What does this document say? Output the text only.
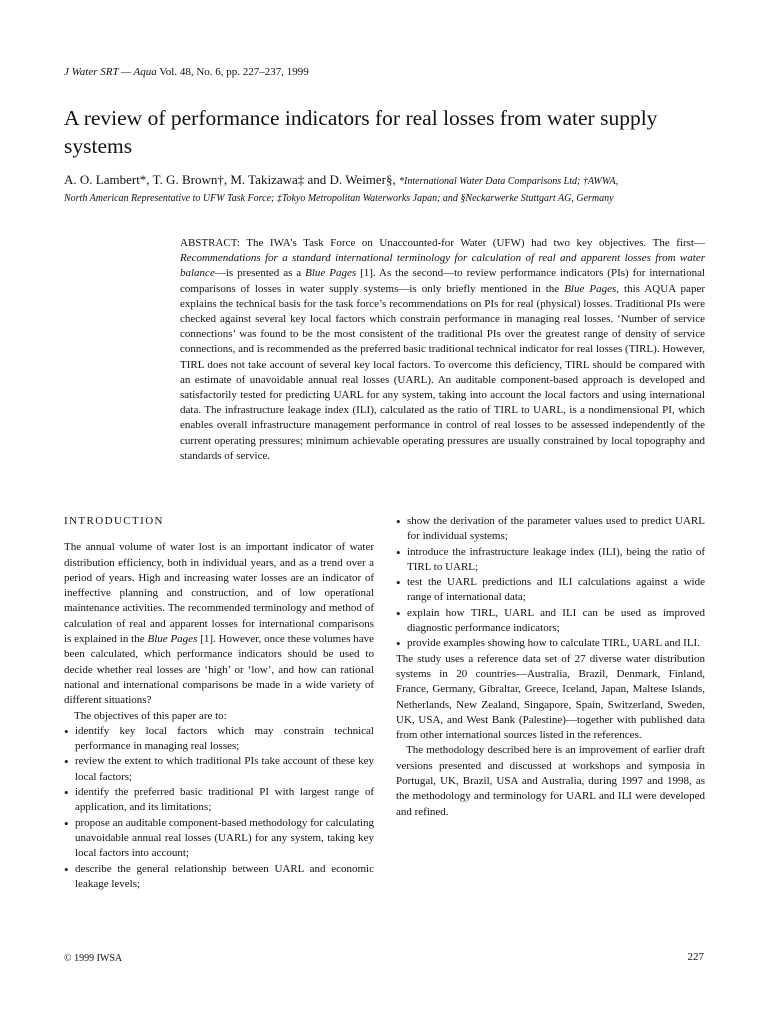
J Water SRT — Aqua Vol. 48, No. 6, pp. 227–237, 1999
A review of performance indicators for real losses from water supply systems
A. O. Lambert*, T. G. Brown†, M. Takizawa‡ and D. Weimer§, *International Water Data Comparisons Ltd; †AWWA,
North American Representative to UFW Task Force; ‡Tokyo Metropolitan Waterworks Japan; and §Neckarwerke Stuttgart AG, Germany

ABSTRACT: The IWA’s Task Force on Unaccounted-for Water (UFW) had two key objectives. The first—Recommendations for a standard international terminology for calculation of real and apparent losses from water balance—is presented as a Blue Pages [1]. As the second—to review performance indicators (PIs) for international comparisons of losses in water supply systems—is only briefly mentioned in the Blue Pages, this AQUA paper explains the technical basis for the task force’s recommendations on PIs for real (physical) losses. Traditional PIs were checked against several key local factors which constrain performance in managing real losses. ‘Number of service connections’ was found to be the most consistent of the traditional PIs over the greatest range of density of service connections, and is recommended as the preferred basic traditional technical indicator for real losses (TIRL). However, TIRL does not take account of several key local factors. To overcome this deficiency, TIRL should be compared with an estimate of unavoidable annual real losses (UARL). An auditable component-based approach is developed and satisfactorily tested for predicting UARL for any system, taking into account the local factors and using international data. The infrastructure leakage index (ILI), calculated as the ratio of TIRL to UARL, is a nondimensional PI, which enables overall infrastructure management performance in control of real losses to be assessed independently of the current operating pressures; minimum achievable operating pressures are usually constrained by local topography and standards of service.

INTRODUCTION

The annual volume of water lost is an important indicator of water distribution efficiency, both in individual years, and as a trend over a period of years. High and increasing water losses are an indicator of ineffective planning and construction, and of low operational maintenance activities. The recommended terminology and method of calculation of real and apparent losses for international comparisons is explained in the Blue Pages [1]. However, once these volumes have been calculated, which performance indicators should be used to decide whether real losses are ‘high’ or ‘low’, and how can rational national and international comparisons be made in a wide variety of different situations?

The objectives of this paper are to:

• identify key local factors which may constrain technical performance in managing real losses;
• review the extent to which traditional PIs take account of these key local factors;
• identify the preferred basic traditional PI with largest range of application, and its limitations;
• propose an auditable component-based methodology for calculating unavoidable annual real losses (UARL) for any system, taking key local factors into account;
• describe the general relationship between UARL and economic leakage levels;
• show the derivation of the parameter values used to predict UARL for individual systems;
• introduce the infrastructure leakage index (ILI), being the ratio of TIRL to UARL;
• test the UARL predictions and ILI calculations against a wide range of international data;
• explain how TIRL, UARL and ILI can be used as improved diagnostic performance indicators;
• provide examples showing how to calculate TIRL, UARL and ILI.

The study uses a reference data set of 27 diverse water distribution systems in 20 countries—Australia, Brazil, Denmark, Finland, France, Germany, Gibraltar, Greece, Iceland, Japan, Maltese Islands, Netherlands, New Zealand, Singapore, Spain, Switzerland, Sweden, UK, USA, and West Bank (Palestine)—together with published data from other international sources listed in the references.

The methodology described here is an improvement of earlier draft versions presented and discussed at workshops and symposia in Portugal, UK, Brazil, USA and Australia, during 1997 and 1998, as the methodology and terminology for UARL and ILI were developed and refined.

© 1999 IWSA	227
